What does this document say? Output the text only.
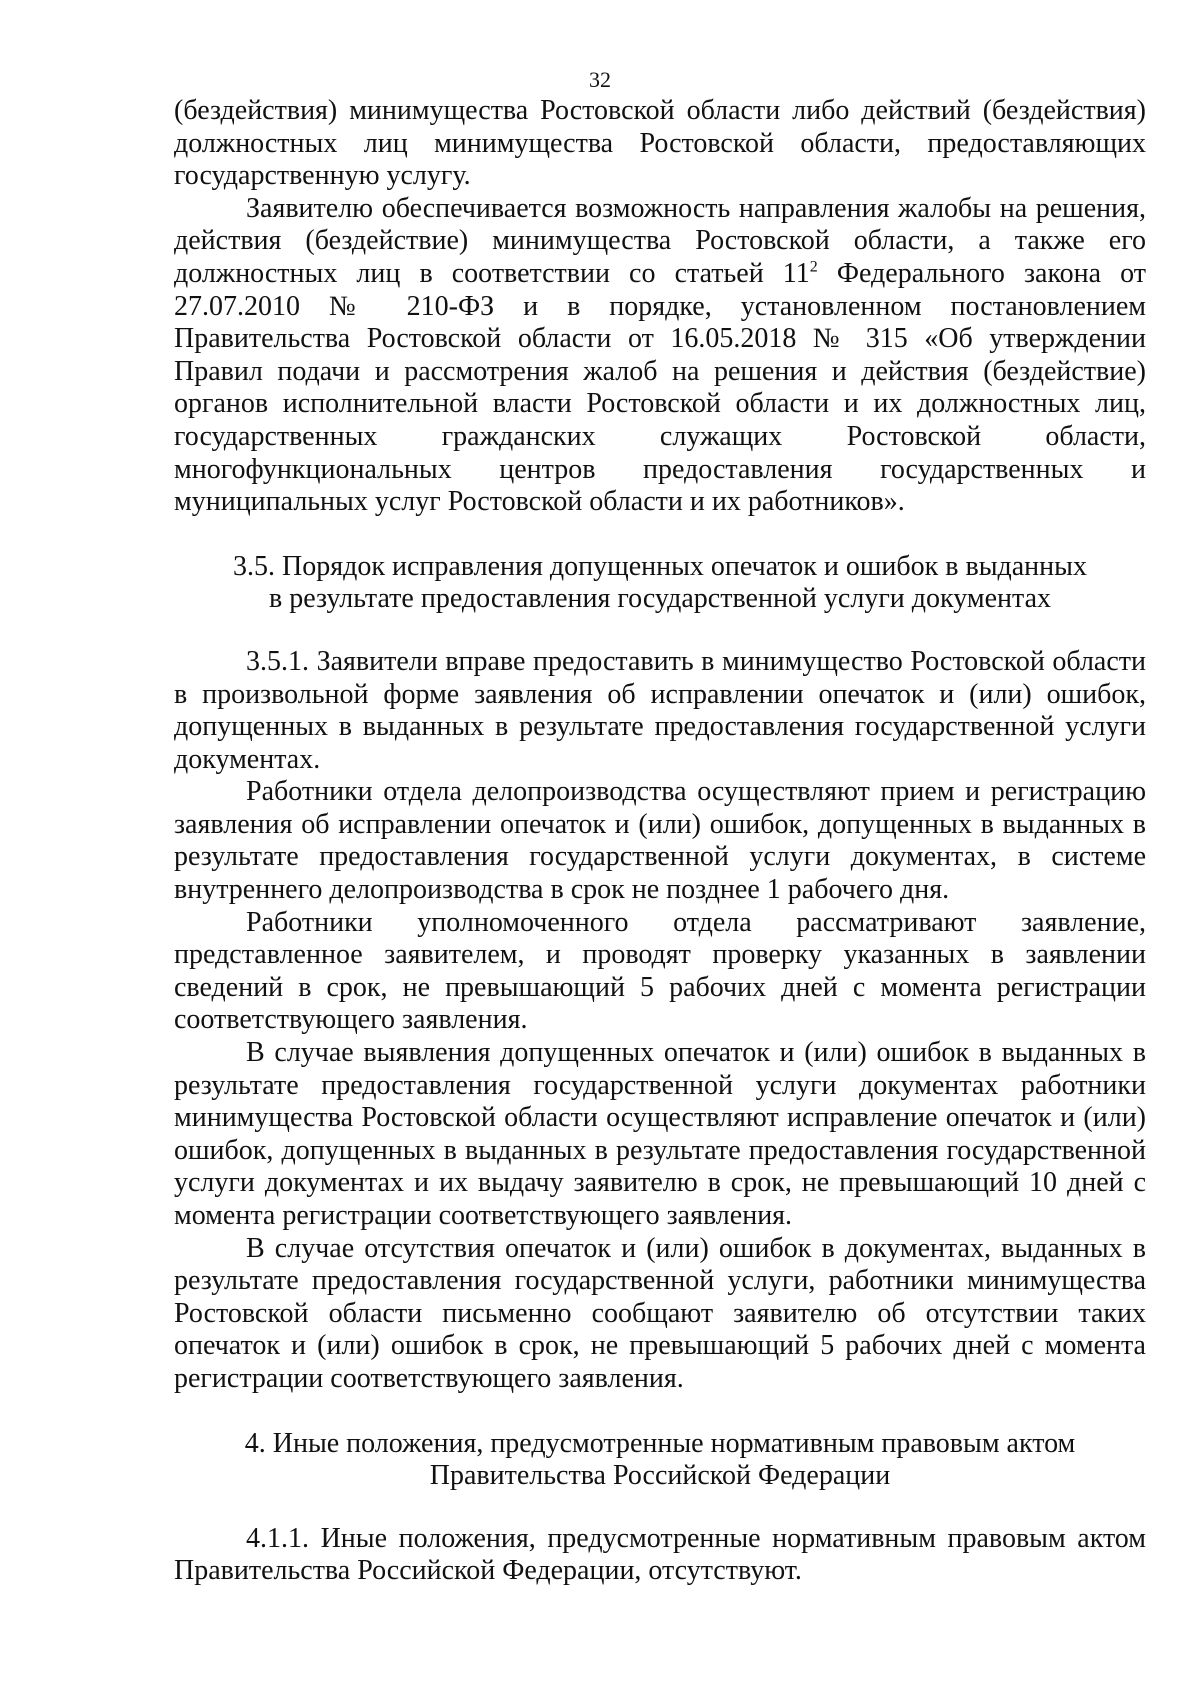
32

(бездействия) минимущества Ростовской области либо действий (бездействия) должностных лиц минимущества Ростовской области, предоставляющих государственную услугу.

Заявителю обеспечивается возможность направления жалобы на решения, действия (бездействие) минимущества Ростовской области, а также его должностных лиц в соответствии со статьей $11^2$ Федерального закона от 27.07.2010 № 210-ФЗ и в порядке, установленном постановлением Правительства Ростовской области от 16.05.2018 № 315 «Об утверждении Правил подачи и рассмотрения жалоб на решения и действия (бездействие) органов исполнительной власти Ростовской области и их должностных лиц, государственных гражданских служащих Ростовской области, многофункциональных центров предоставления государственных и муниципальных услуг Ростовской области и их работников».

3.5. Порядок исправления допущенных опечаток и ошибок в выданных
в результате предоставления государственной услуги документах

3.5.1. Заявители вправе предоставить в минимущество Ростовской области в произвольной форме заявления об исправлении опечаток и (или) ошибок, допущенных в выданных в результате предоставления государственной услуги документах.

Работники отдела делопроизводства осуществляют прием и регистрацию заявления об исправлении опечаток и (или) ошибок, допущенных в выданных в результате предоставления государственной услуги документах, в системе внутреннего делопроизводства в срок не позднее 1 рабочего дня.

Работники уполномоченного отдела рассматривают заявление, представленное заявителем, и проводят проверку указанных в заявлении сведений в срок, не превышающий 5 рабочих дней с момента регистрации соответствующего заявления.

В случае выявления допущенных опечаток и (или) ошибок в выданных в результате предоставления государственной услуги документах работники минимущества Ростовской области осуществляют исправление опечаток и (или) ошибок, допущенных в выданных в результате предоставления государственной услуги документах и их выдачу заявителю в срок, не превышающий 10 дней с момента регистрации соответствующего заявления.

В случае отсутствия опечаток и (или) ошибок в документах, выданных в результате предоставления государственной услуги, работники минимущества Ростовской области письменно сообщают заявителю об отсутствии таких опечаток и (или) ошибок в срок, не превышающий 5 рабочих дней с момента регистрации соответствующего заявления.

4. Иные положения, предусмотренные нормативным правовым актом
Правительства Российской Федерации

4.1.1. Иные положения, предусмотренные нормативным правовым актом Правительства Российской Федерации, отсутствуют.
